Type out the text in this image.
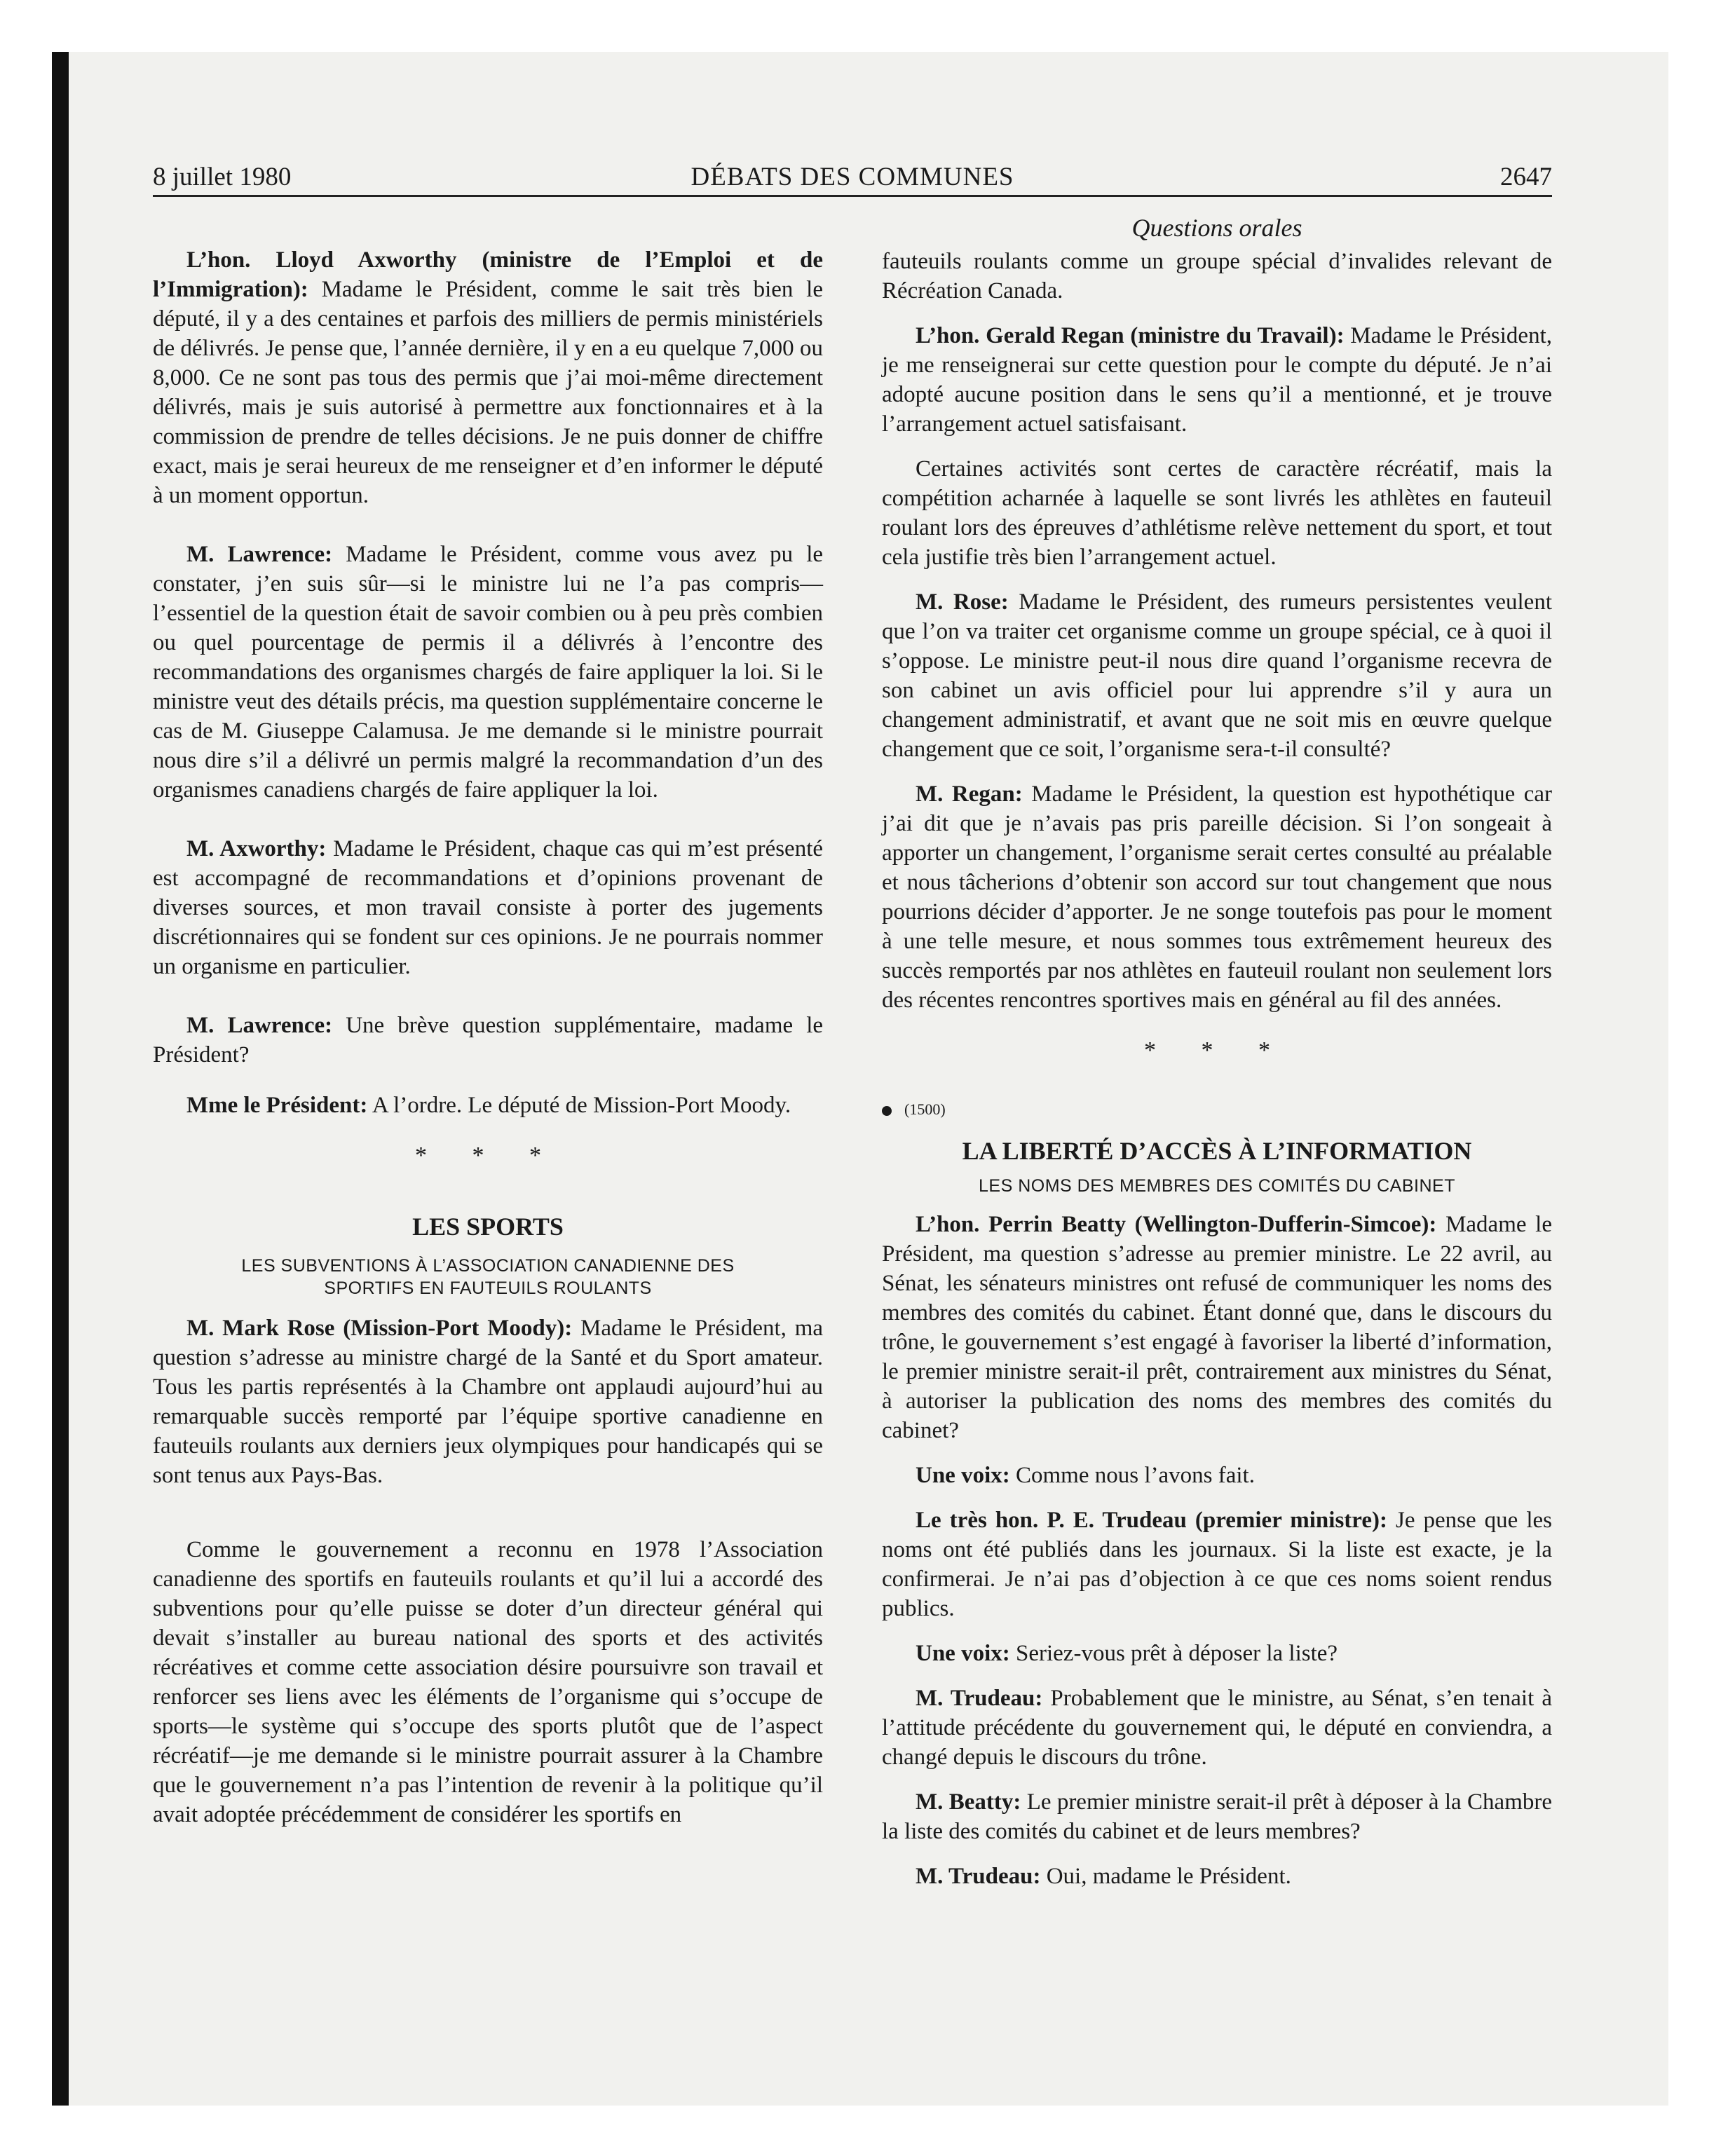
8 juillet 1980	DÉBATS DES COMMUNES	2647
Questions orales

L’hon. Lloyd Axworthy (ministre de l’Emploi et de l’Immigration): Madame le Président, comme le sait très bien le député, il y a des centaines et parfois des milliers de permis ministériels de délivrés. Je pense que, l’année dernière, il y en a eu quelque 7,000 ou 8,000. Ce ne sont pas tous des permis que j’ai moi-même directement délivrés, mais je suis autorisé à permettre aux fonctionnaires et à la commission de prendre de telles décisions. Je ne puis donner de chiffre exact, mais je serai heureux de me renseigner et d’en informer le député à un moment opportun.

M. Lawrence: Madame le Président, comme vous avez pu le constater, j’en suis sûr—si le ministre lui ne l’a pas compris—l’essentiel de la question était de savoir combien ou à peu près combien ou quel pourcentage de permis il a délivrés à l’encontre des recommandations des organismes chargés de faire appliquer la loi. Si le ministre veut des détails précis, ma question supplémentaire concerne le cas de M. Giuseppe Calamusa. Je me demande si le ministre pourrait nous dire s’il a délivré un permis malgré la recommandation d’un des organismes canadiens chargés de faire appliquer la loi.

M. Axworthy: Madame le Président, chaque cas qui m’est présenté est accompagné de recommandations et d’opinions provenant de diverses sources, et mon travail consiste à porter des jugements discrétionnaires qui se fondent sur ces opinions. Je ne pourrais nommer un organisme en particulier.

M. Lawrence: Une brève question supplémentaire, madame le Président?

Mme le Président: A l’ordre. Le député de Mission-Port Moody.

* * *
LES SPORTS
LES SUBVENTIONS À L’ASSOCIATION CANADIENNE DES SPORTIFS EN FAUTEUILS ROULANTS

M. Mark Rose (Mission-Port Moody): Madame le Président, ma question s’adresse au ministre chargé de la Santé et du Sport amateur. Tous les partis représentés à la Chambre ont applaudi aujourd’hui au remarquable succès remporté par l’équipe sportive canadienne en fauteuils roulants aux derniers jeux olympiques pour handicapés qui se sont tenus aux Pays-Bas.

Comme le gouvernement a reconnu en 1978 l’Association canadienne des sportifs en fauteuils roulants et qu’il lui a accordé des subventions pour qu’elle puisse se doter d’un directeur général qui devait s’installer au bureau national des sports et des activités récréatives et comme cette association désire poursuivre son travail et renforcer ses liens avec les éléments de l’organisme qui s’occupe de sports—le système qui s’occupe des sports plutôt que de l’aspect récréatif—je me demande si le ministre pourrait assurer à la Chambre que le gouvernement n’a pas l’intention de revenir à la politique qu’il avait adoptée précédemment de considérer les sportifs en

fauteuils roulants comme un groupe spécial d’invalides relevant de Récréation Canada.

L’hon. Gerald Regan (ministre du Travail): Madame le Président, je me renseignerai sur cette question pour le compte du député. Je n’ai adopté aucune position dans le sens qu’il a mentionné, et je trouve l’arrangement actuel satisfaisant.

Certaines activités sont certes de caractère récréatif, mais la compétition acharnée à laquelle se sont livrés les athlètes en fauteuil roulant lors des épreuves d’athlétisme relève nettement du sport, et tout cela justifie très bien l’arrangement actuel.

M. Rose: Madame le Président, des rumeurs persistentes veulent que l’on va traiter cet organisme comme un groupe spécial, ce à quoi il s’oppose. Le ministre peut-il nous dire quand l’organisme recevra de son cabinet un avis officiel pour lui apprendre s’il y aura un changement administratif, et avant que ne soit mis en œuvre quelque changement que ce soit, l’organisme sera-t-il consulté?

M. Regan: Madame le Président, la question est hypothétique car j’ai dit que je n’avais pas pris pareille décision. Si l’on songeait à apporter un changement, l’organisme serait certes consulté au préalable et nous tâcherions d’obtenir son accord sur tout changement que nous pourrions décider d’apporter. Je ne songe toutefois pas pour le moment à une telle mesure, et nous sommes tous extrêmement heureux des succès remportés par nos athlètes en fauteuil roulant non seulement lors des récentes rencontres sportives mais en général au fil des années.

* * *
(1500)
LA LIBERTÉ D’ACCÈS À L’INFORMATION
LES NOMS DES MEMBRES DES COMITÉS DU CABINET

L’hon. Perrin Beatty (Wellington-Dufferin-Simcoe): Madame le Président, ma question s’adresse au premier ministre. Le 22 avril, au Sénat, les sénateurs ministres ont refusé de communiquer les noms des membres des comités du cabinet. Étant donné que, dans le discours du trône, le gouvernement s’est engagé à favoriser la liberté d’information, le premier ministre serait-il prêt, contrairement aux ministres du Sénat, à autoriser la publication des noms des membres des comités du cabinet?

Une voix: Comme nous l’avons fait.

Le très hon. P. E. Trudeau (premier ministre): Je pense que les noms ont été publiés dans les journaux. Si la liste est exacte, je la confirmerai. Je n’ai pas d’objection à ce que ces noms soient rendus publics.

Une voix: Seriez-vous prêt à déposer la liste?

M. Trudeau: Probablement que le ministre, au Sénat, s’en tenait à l’attitude précédente du gouvernement qui, le député en conviendra, a changé depuis le discours du trône.

M. Beatty: Le premier ministre serait-il prêt à déposer à la Chambre la liste des comités du cabinet et de leurs membres?

M. Trudeau: Oui, madame le Président.
